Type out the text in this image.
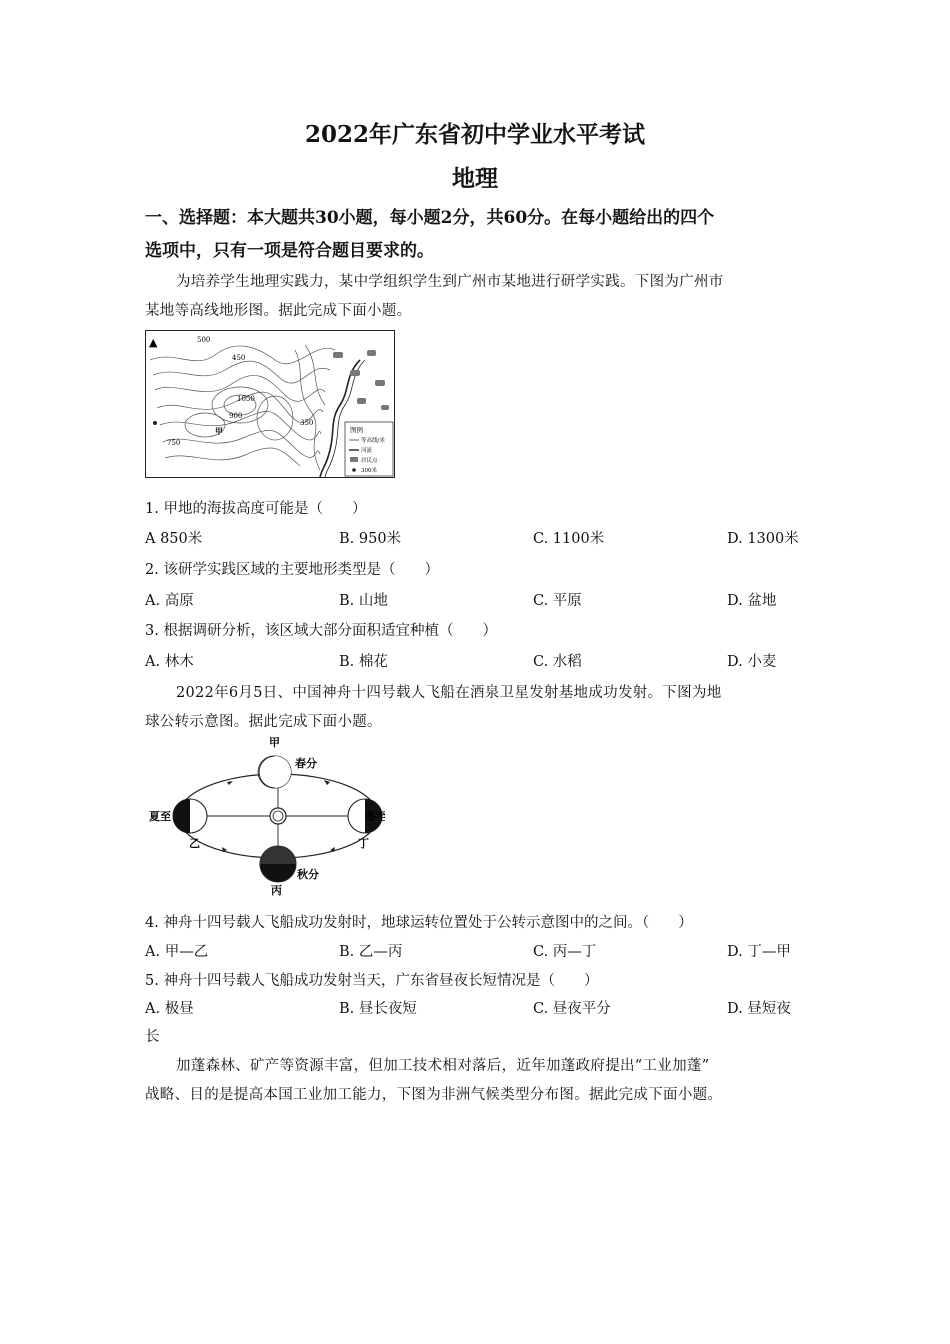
2022年广东省初中学业水平考试
地理
一、选择题：本大题共30小题，每小题2分，共60分。在每小题给出的四个
选项中，只有一项是符合题目要求的。
为培养学生地理实践力，某中学组织学生到广州市某地进行研学实践。下图为广州市
某地等高线地形图。据此完成下面小题。
▲	500
450
1050
900
750
350
甲	图例
等高线/米
河流
居民点
300米
1. 甲地的海拔高度可能是（　　）
A 850米	B. 950米	C. 1100米	D. 1300米
2. 该研学实践区域的主要地形类型是（　　）
A. 高原	B. 山地	C. 平原	D. 盆地
3. 根据调研分析，该区域大部分面积适宜种植（　　）
A. 林木	B. 棉花	C. 水稻	D. 小麦
2022年6月5日、中国神舟十四号载人飞船在酒泉卫星发射基地成功发射。下图为地
球公转示意图。据此完成下面小题。
甲
春分
夏至
乙
冬至
丁
秋分
丙
4. 神舟十四号载人飞船成功发射时，地球运转位置处于公转示意图中的之间。（　　）
A. 甲—乙	B. 乙—丙	C. 丙—丁	D. 丁—甲
5. 神舟十四号载人飞船成功发射当天，广东省昼夜长短情况是（　　）
A. 极昼	B. 昼长夜短	C. 昼夜平分	D. 昼短夜
长
加蓬森林、矿产等资源丰富，但加工技术相对落后，近年加蓬政府提出“工业加蓬”
战略、目的是提高本国工业加工能力，下图为非洲气候类型分布图。据此完成下面小题。
